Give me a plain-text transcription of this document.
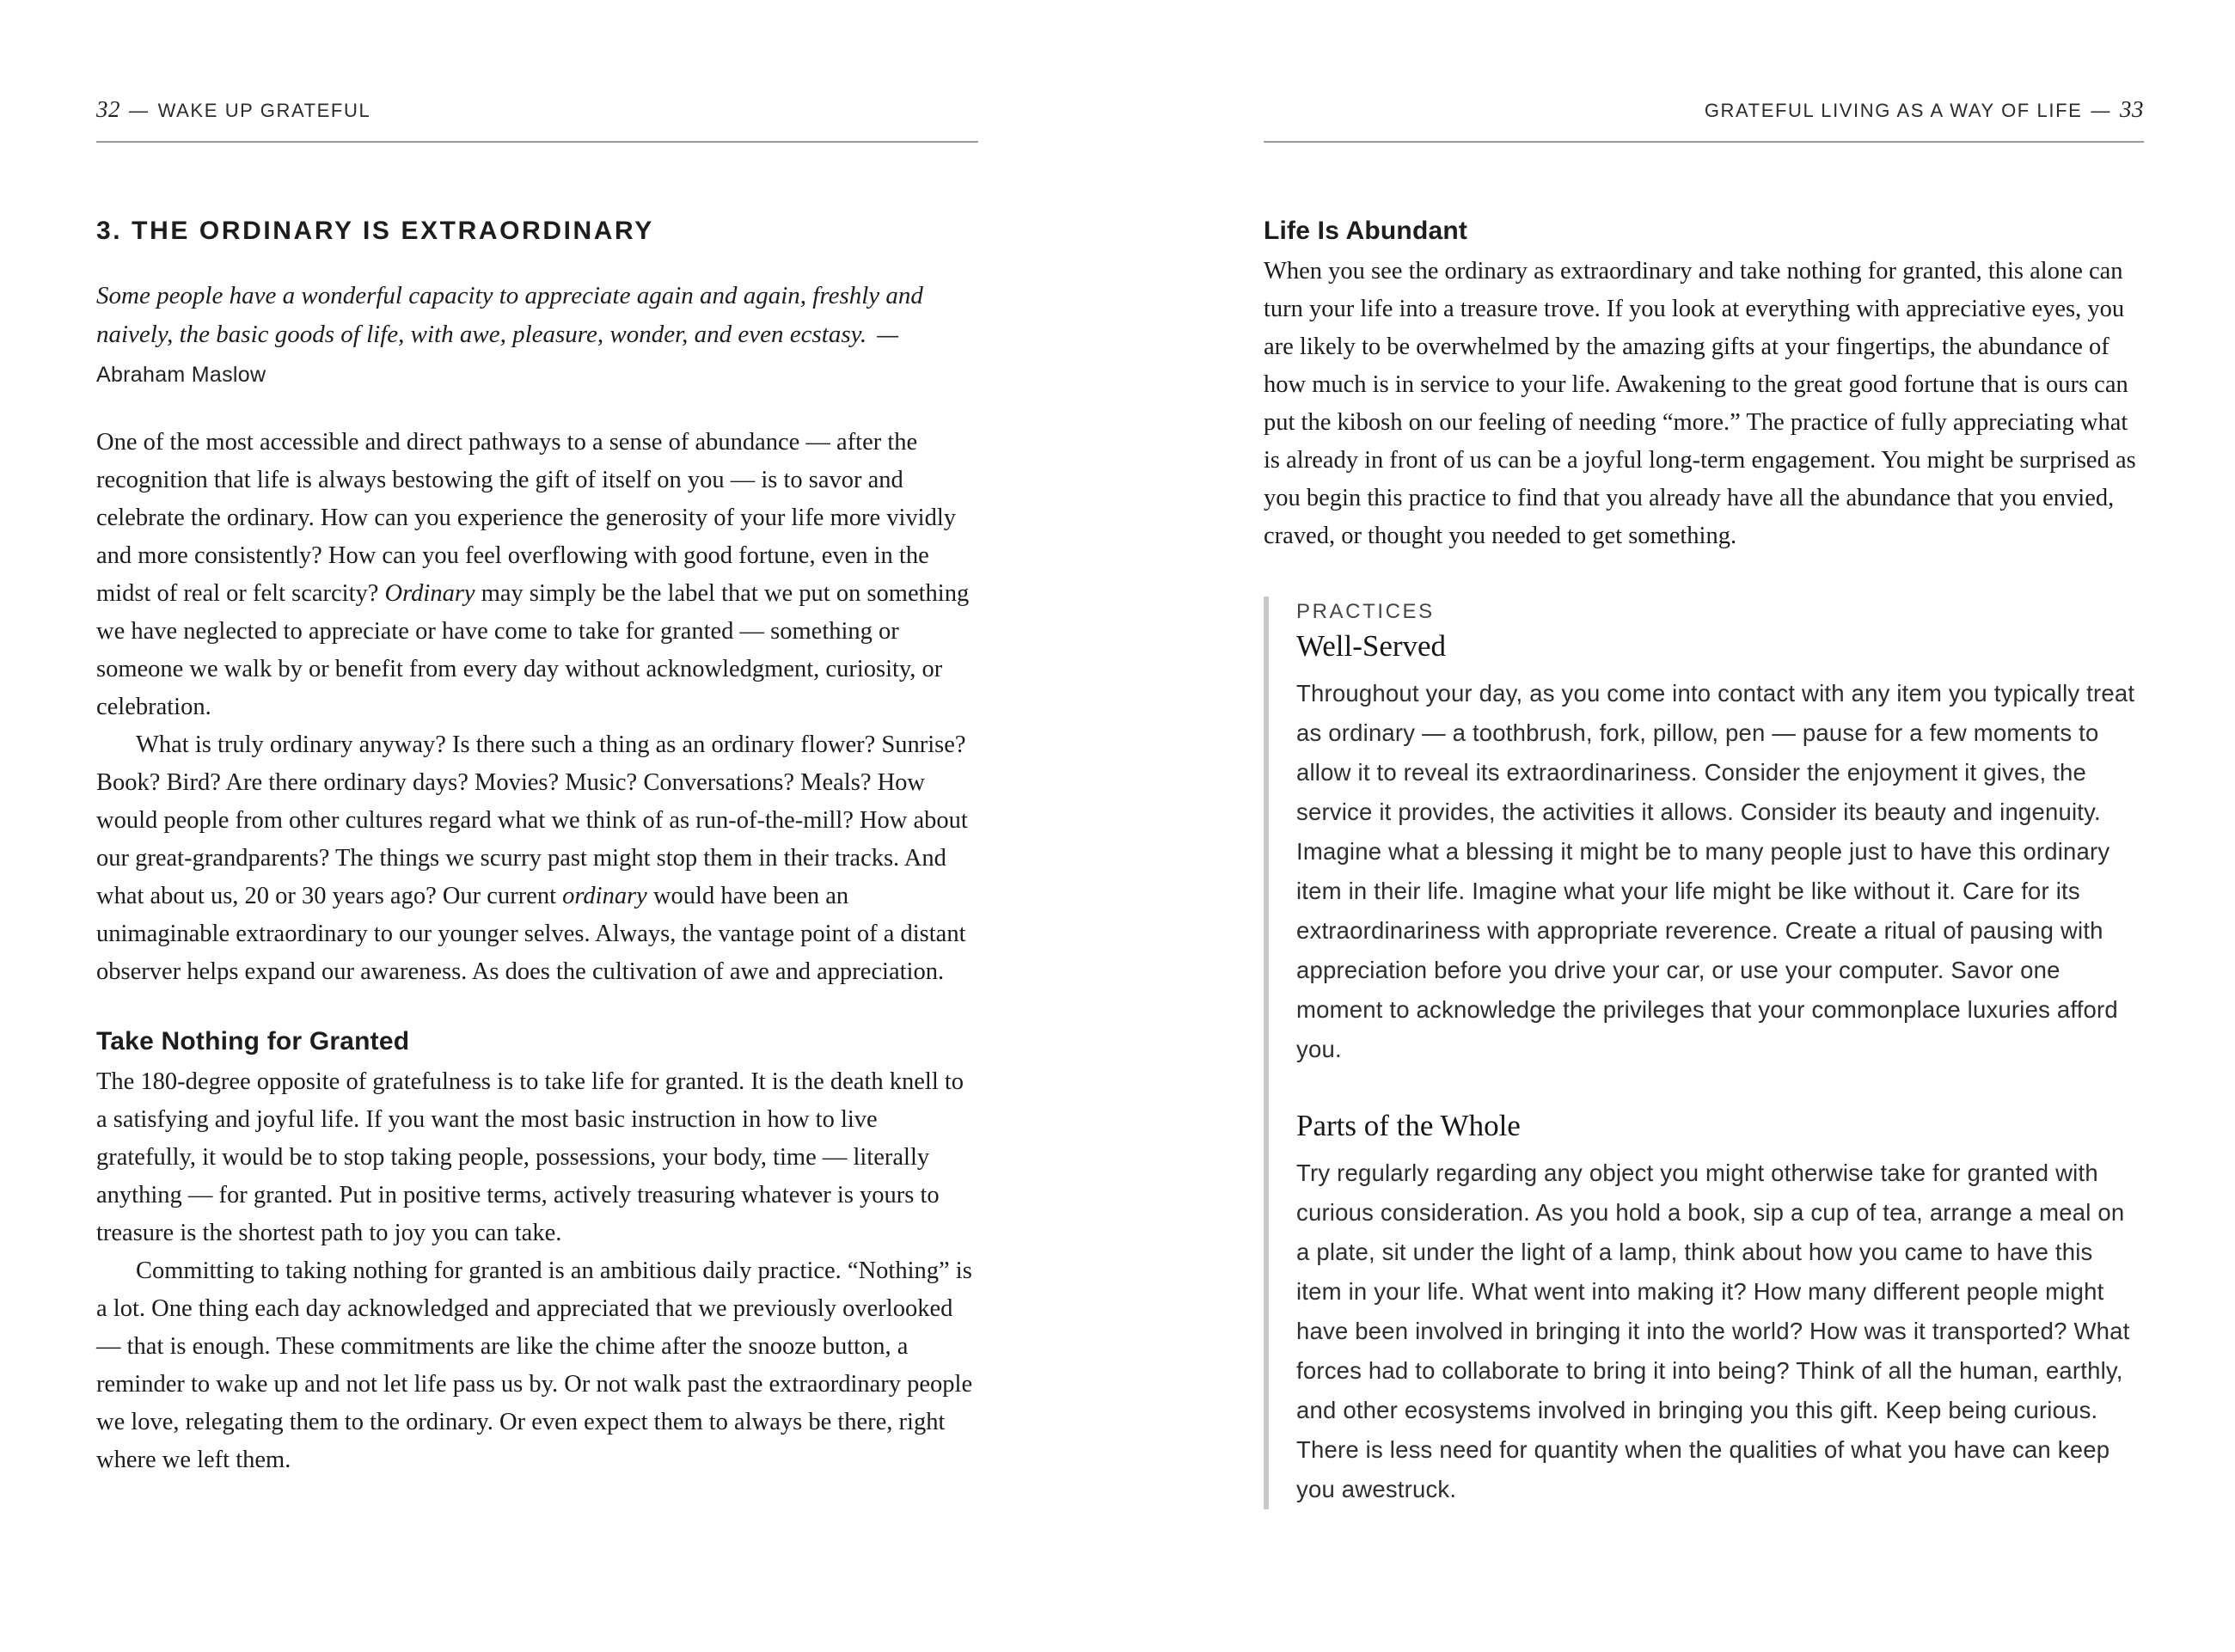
32 — WAKE UP GRATEFUL
3. THE ORDINARY IS EXTRAORDINARY

Some people have a wonderful capacity to appreciate again and again, freshly and naively, the basic goods of life, with awe, pleasure, wonder, and even ecstasy. — Abraham Maslow

One of the most accessible and direct pathways to a sense of abundance — after the recognition that life is always bestowing the gift of itself on you — is to savor and celebrate the ordinary. How can you experience the generosity of your life more vividly and more consistently? How can you feel overflowing with good fortune, even in the midst of real or felt scarcity? Ordinary may simply be the label that we put on something we have neglected to appreciate or have come to take for granted — something or someone we walk by or benefit from every day without acknowledgment, curiosity, or celebration.

What is truly ordinary anyway? Is there such a thing as an ordinary flower? Sunrise? Book? Bird? Are there ordinary days? Movies? Music? Conversations? Meals? How would people from other cultures regard what we think of as run-of-the-mill? How about our great-grandparents? The things we scurry past might stop them in their tracks. And what about us, 20 or 30 years ago? Our current ordinary would have been an unimaginable extraordinary to our younger selves. Always, the vantage point of a distant observer helps expand our awareness. As does the cultivation of awe and appreciation.

Take Nothing for Granted

The 180-degree opposite of gratefulness is to take life for granted. It is the death knell to a satisfying and joyful life. If you want the most basic instruction in how to live gratefully, it would be to stop taking people, possessions, your body, time — literally anything — for granted. Put in positive terms, actively treasuring whatever is yours to treasure is the shortest path to joy you can take.

Committing to taking nothing for granted is an ambitious daily practice. “Nothing” is a lot. One thing each day acknowledged and appreciated that we previously overlooked — that is enough. These commitments are like the chime after the snooze button, a reminder to wake up and not let life pass us by. Or not walk past the extraordinary people we love, relegating them to the ordinary. Or even expect them to always be there, right where we left them.

GRATEFUL LIVING AS A WAY OF LIFE — 33
Life Is Abundant

When you see the ordinary as extraordinary and take nothing for granted, this alone can turn your life into a treasure trove. If you look at everything with appreciative eyes, you are likely to be overwhelmed by the amazing gifts at your fingertips, the abundance of how much is in service to your life. Awakening to the great good fortune that is ours can put the kibosh on our feeling of needing “more.” The practice of fully appreciating what is already in front of us can be a joyful long-term engagement. You might be surprised as you begin this practice to find that you already have all the abundance that you envied, craved, or thought you needed to get something.

PRACTICES
Well-Served

Throughout your day, as you come into contact with any item you typically treat as ordinary — a toothbrush, fork, pillow, pen — pause for a few moments to allow it to reveal its extraordinariness. Consider the enjoyment it gives, the service it provides, the activities it allows. Consider its beauty and ingenuity. Imagine what a blessing it might be to many people just to have this ordinary item in their life. Imagine what your life might be like without it. Care for its extraordinariness with appropriate reverence. Create a ritual of pausing with appreciation before you drive your car, or use your computer. Savor one moment to acknowledge the privileges that your commonplace luxuries afford you.

Parts of the Whole

Try regularly regarding any object you might otherwise take for granted with curious consideration. As you hold a book, sip a cup of tea, arrange a meal on a plate, sit under the light of a lamp, think about how you came to have this item in your life. What went into making it? How many different people might have been involved in bringing it into the world? How was it transported? What forces had to collaborate to bring it into being? Think of all the human, earthly, and other ecosystems involved in bringing you this gift. Keep being curious. There is less need for quantity when the qualities of what you have can keep you awestruck.
